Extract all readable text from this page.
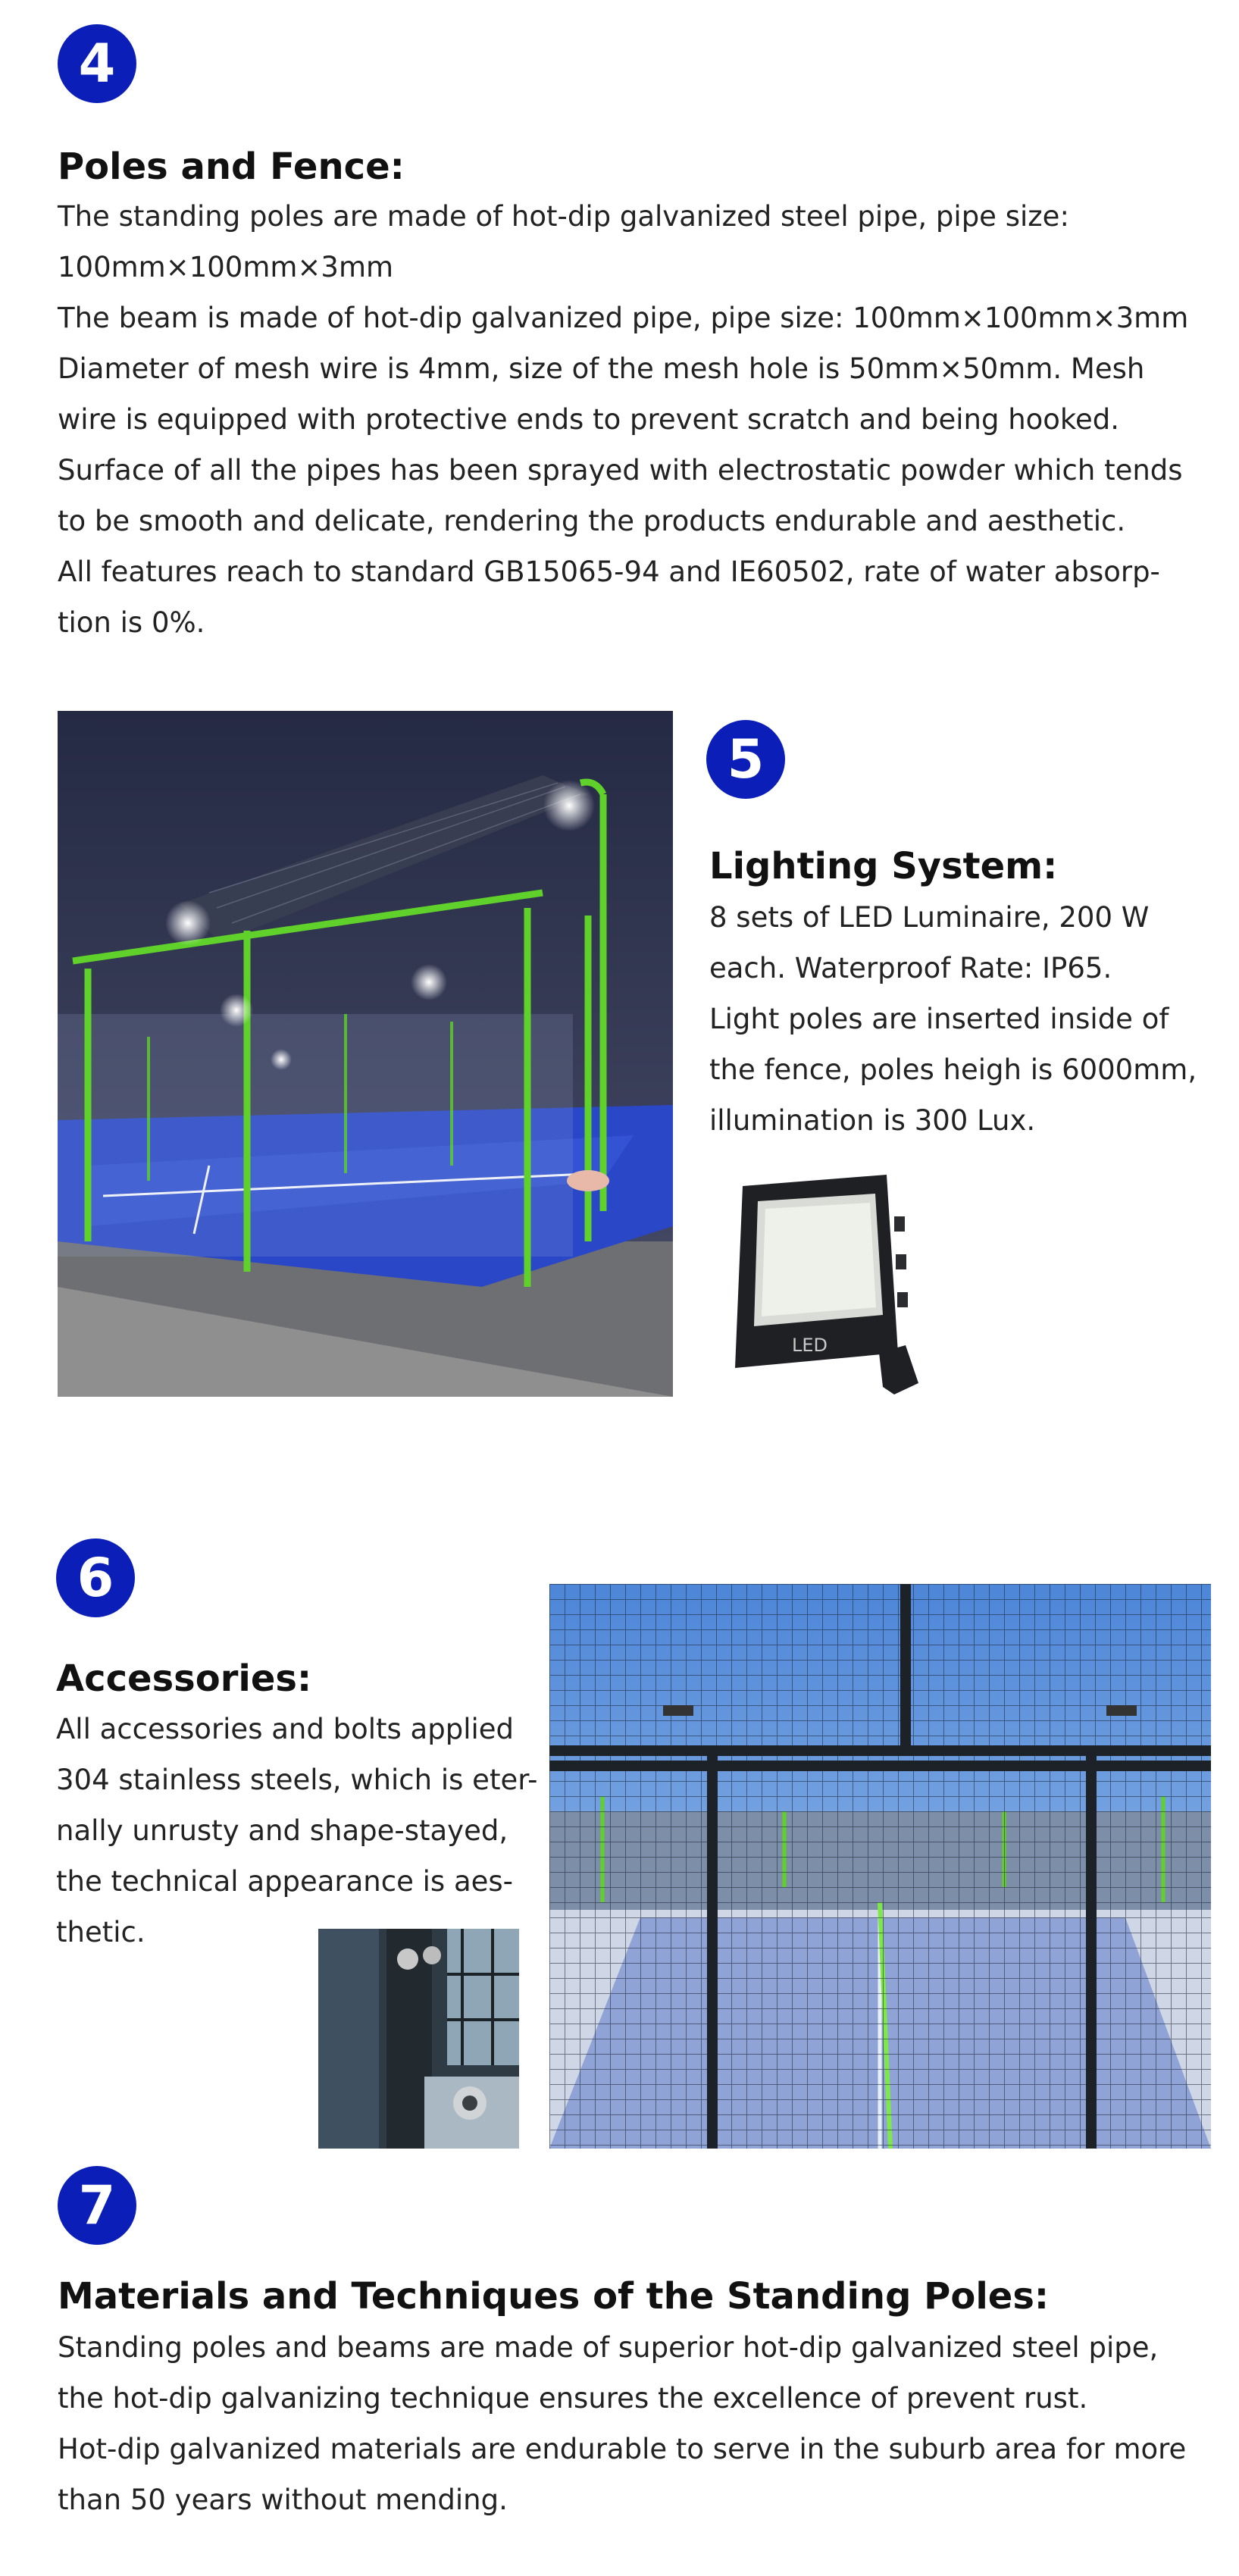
4
Poles and Fence:
The standing poles are made of hot-dip galvanized steel pipe, pipe size:
100mm×100mm×3mm
The beam is made of hot-dip galvanized pipe, pipe size: 100mm×100mm×3mm
Diameter of mesh wire is 4mm, size of the mesh hole is 50mm×50mm. Mesh
wire is equipped with protective ends to prevent scratch and being hooked.
Surface of all the pipes has been sprayed with electrostatic powder which tends
to be smooth and delicate, rendering the products endurable and aesthetic.
All features reach to standard GB15065-94 and IE60502, rate of water absorp-
tion is 0%.
5
Lighting System:
8 sets of LED Luminaire, 200 W
each. Waterproof Rate: IP65.
Light poles are inserted inside of
the fence, poles heigh is 6000mm,
illumination is 300 Lux.
LED
6
Accessories:
All accessories and bolts applied
304 stainless steels, which is eter-
nally unrusty and shape-stayed,
the technical appearance is aes-
thetic.
7
Materials and Techniques of the Standing Poles:
Standing poles and beams are made of superior hot-dip galvanized steel pipe,
the hot-dip galvanizing technique ensures the excellence of prevent rust.
Hot-dip galvanized materials are endurable to serve in the suburb area for more
than 50 years without mending.
